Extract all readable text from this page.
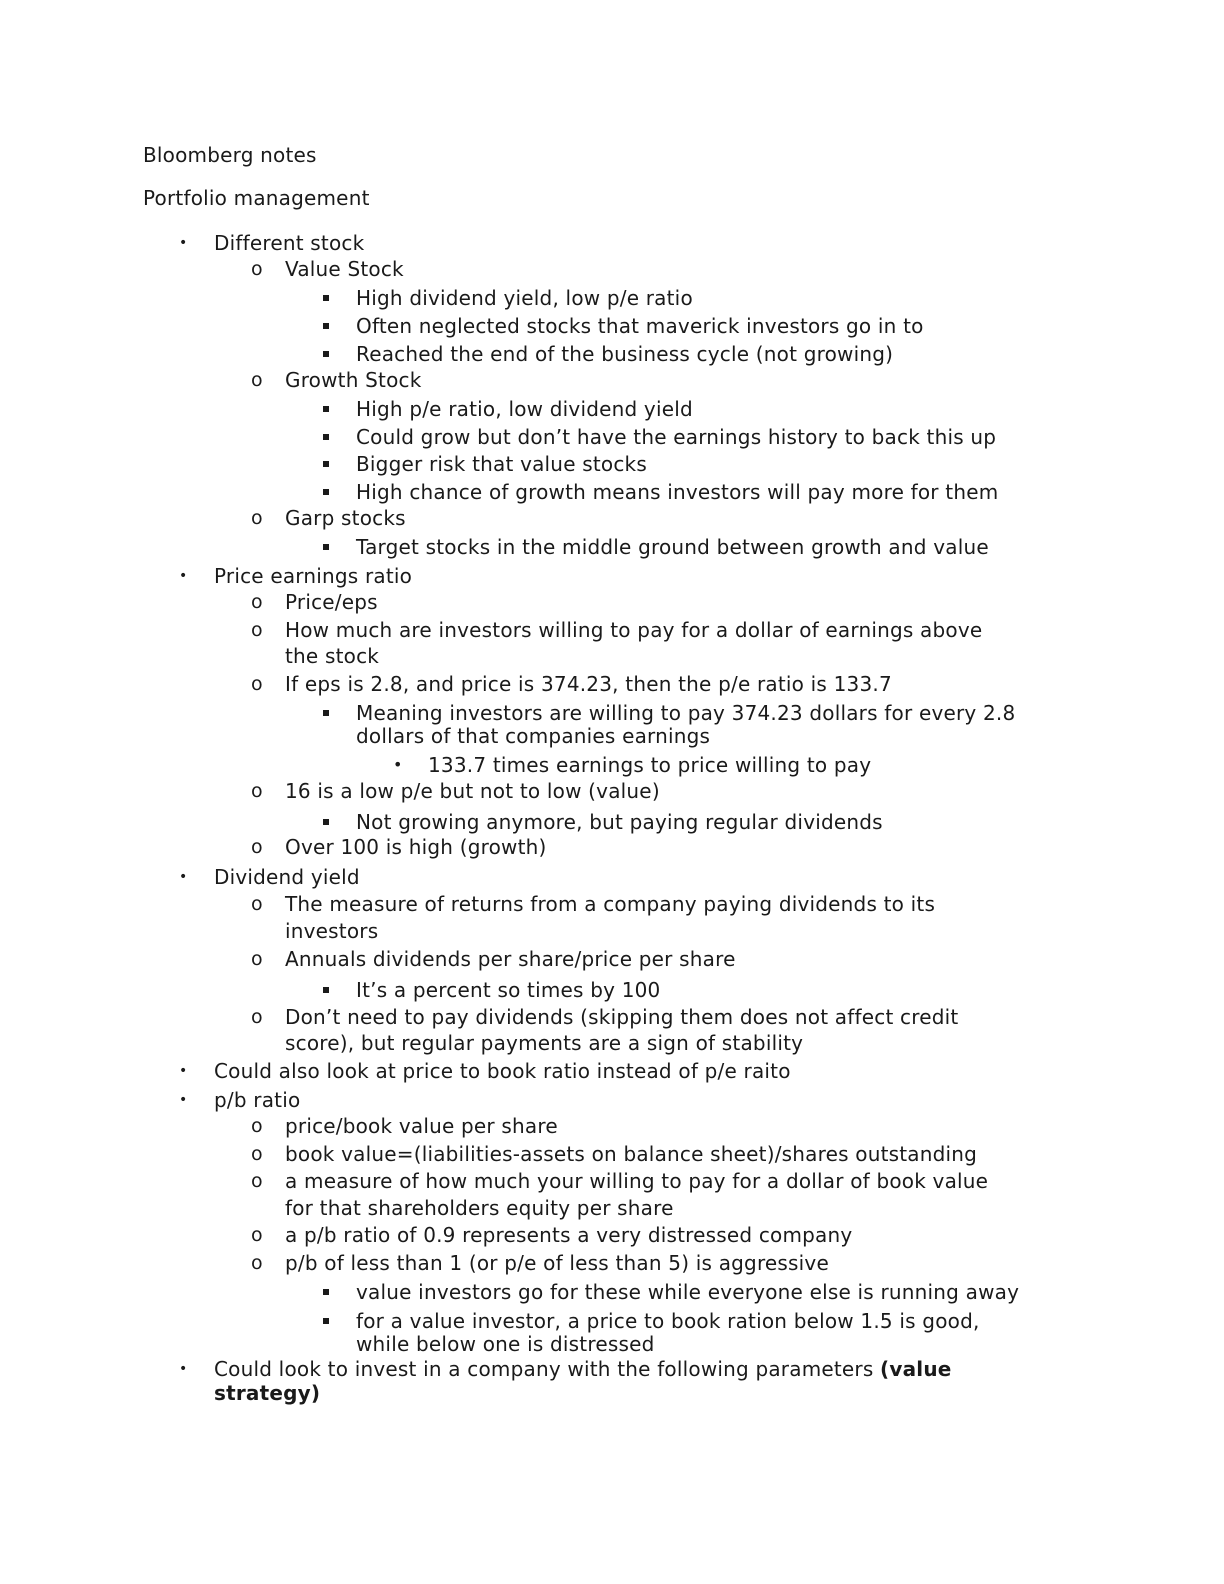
Bloomberg notes
Portfolio management
• Different stock
o Value Stock
High dividend yield, low p/e ratio
Often neglected stocks that maverick investors go in to
Reached the end of the business cycle (not growing)
o Growth Stock
High p/e ratio, low dividend yield
Could grow but don’t have the earnings history to back this up
Bigger risk that value stocks
High chance of growth means investors will pay more for them
o Garp stocks
Target stocks in the middle ground between growth and value
• Price earnings ratio
o Price/eps
o How much are investors willing to pay for a dollar of earnings above
the stock
o If eps is 2.8, and price is 374.23, then the p/e ratio is 133.7
Meaning investors are willing to pay 374.23 dollars for every 2.8
dollars of that companies earnings
• 133.7 times earnings to price willing to pay
o 16 is a low p/e but not to low (value)
Not growing anymore, but paying regular dividends
o Over 100 is high (growth)
• Dividend yield
o The measure of returns from a company paying dividends to its
investors
o Annuals dividends per share/price per share
It’s a percent so times by 100
o Don’t need to pay dividends (skipping them does not affect credit
score), but regular payments are a sign of stability
• Could also look at price to book ratio instead of p/e raito
• p/b ratio
o price/book value per share
o book value=(liabilities-assets on balance sheet)/shares outstanding
o a measure of how much your willing to pay for a dollar of book value
for that shareholders equity per share
o a p/b ratio of 0.9 represents a very distressed company
o p/b of less than 1 (or p/e of less than 5) is aggressive
value investors go for these while everyone else is running away
for a value investor, a price to book ration below 1.5 is good,
while below one is distressed
• Could look to invest in a company with the following parameters (value
strategy)
